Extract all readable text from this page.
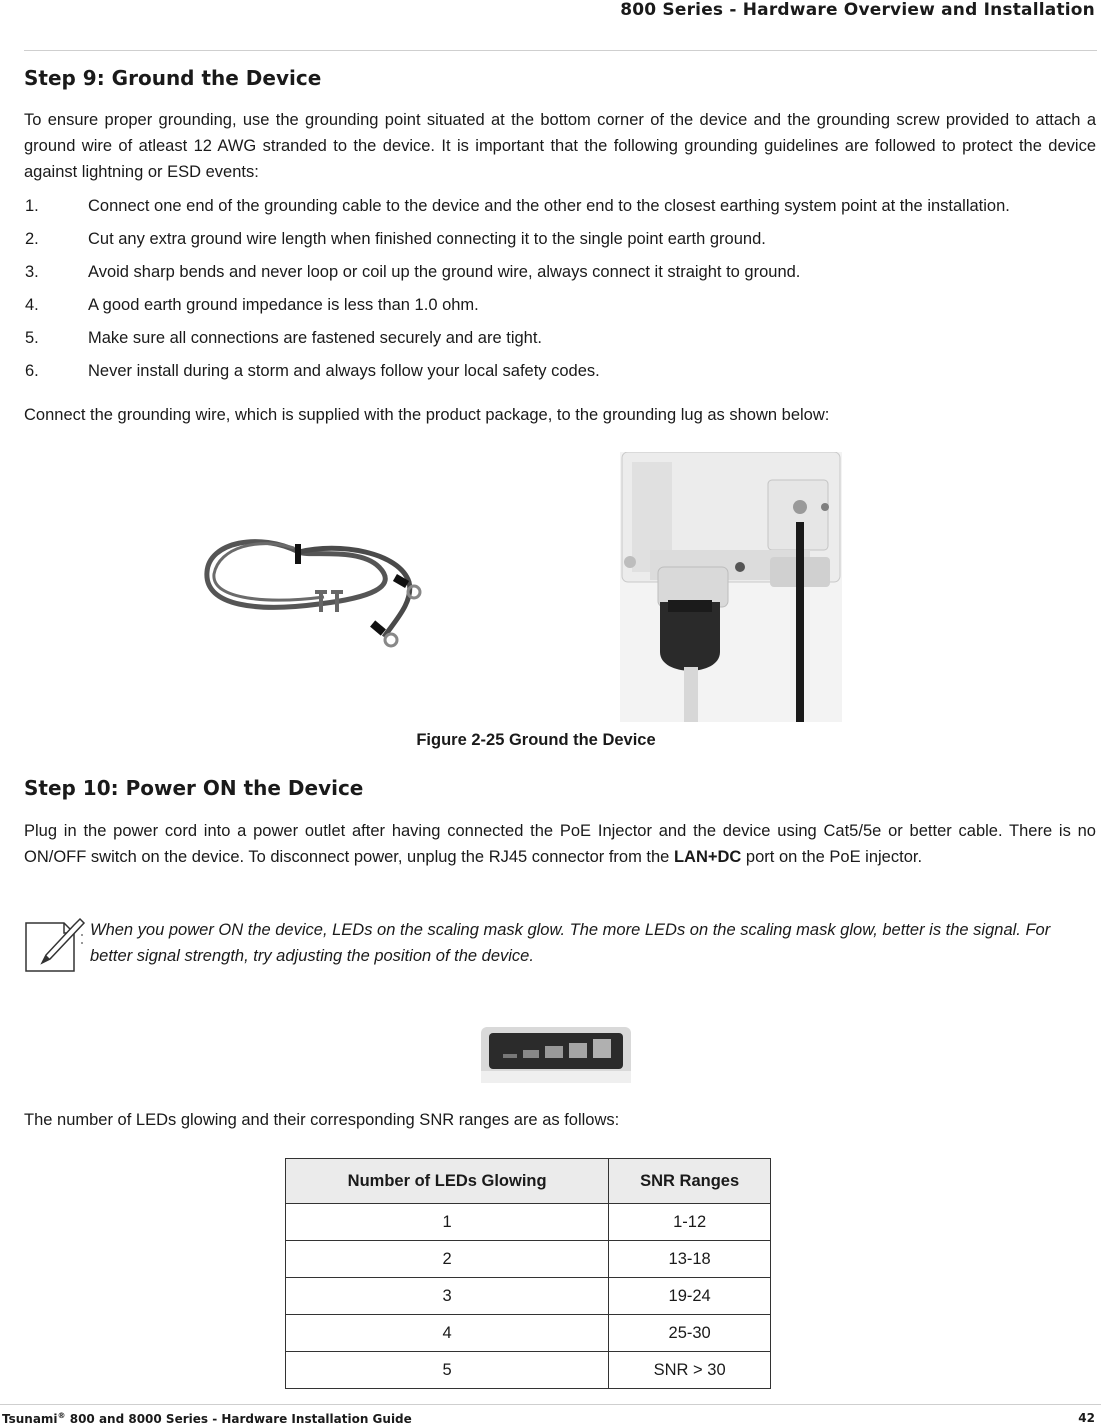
800 Series - Hardware Overview and Installation
Step 9: Ground the Device

To ensure proper grounding, use the grounding point situated at the bottom corner of the device and the grounding screw provided to attach a ground wire of atleast 12 AWG stranded to the device. It is important that the following grounding guidelines are followed to protect the device against lightning or ESD events:

1.	Connect one end of the grounding cable to the device and the other end to the closest earthing system point at the installation.
2.	Cut any extra ground wire length when finished connecting it to the single point earth ground.
3.	Avoid sharp bends and never loop or coil up the ground wire, always connect it straight to ground.
4.	A good earth ground impedance is less than 1.0 ohm.
5.	Make sure all connections are fastened securely and are tight.
6.	Never install during a storm and always follow your local safety codes.

Connect the grounding wire, which is supplied with the product package, to the grounding lug as shown below:

Figure 2-25 Ground the Device
Step 10: Power ON the Device

Plug in the power cord into a power outlet after having connected the PoE Injector and the device using Cat5/5e or better cable. There is no ON/OFF switch on the device. To disconnect power, unplug the RJ45 connector from the LAN+DC port on the PoE injector.

When you power ON the device, LEDs on the scaling mask glow. The more LEDs on the scaling mask glow, better is the signal. For better signal strength, try adjusting the position of the device.

The number of LEDs glowing and their corresponding SNR ranges are as follows:

Number of LEDs Glowing	SNR Ranges
1	1-12
2	13-18
3	19-24
4	25-30
5	SNR > 30
Tsunami® 800 and 8000 Series - Hardware Installation Guide	42
